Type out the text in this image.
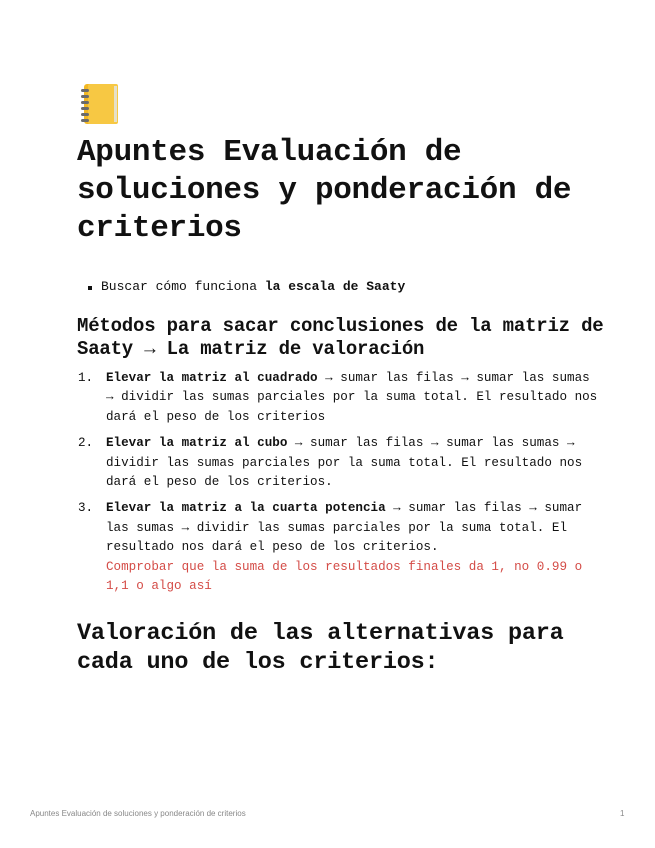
Apuntes Evaluación de soluciones y ponderación de criterios
Buscar cómo funciona la escala de Saaty
Métodos para sacar conclusiones de la matriz de Saaty → La matriz de valoración
1. Elevar la matriz al cuadrado → sumar las filas → sumar las sumas → dividir las sumas parciales por la suma total. El resultado nos dará el peso de los criterios
2. Elevar la matriz al cubo → sumar las filas → sumar las sumas → dividir las sumas parciales por la suma total. El resultado nos dará el peso de los criterios.
3. Elevar la matriz a la cuarta potencia → sumar las filas → sumar las sumas → dividir las sumas parciales por la suma total. El resultado nos dará el peso de los criterios.
Comprobar que la suma de los resultados finales da 1, no 0.99 o 1,1 o algo así
Valoración de las alternativas para cada uno de los criterios:
Apuntes Evaluación de soluciones y ponderación de criterios	1
